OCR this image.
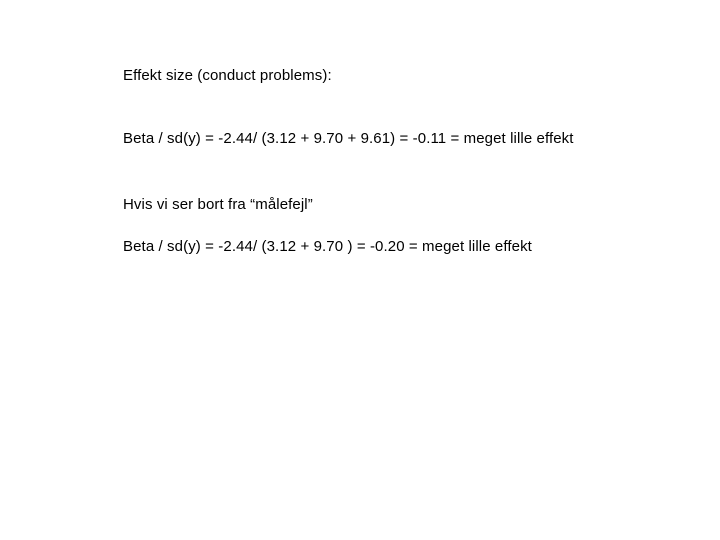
Effekt size (conduct problems):
Beta / sd(y) = -2.44/ (3.12 + 9.70 + 9.61) = -0.11 = meget lille effekt
Hvis vi ser bort fra “målefejl”
Beta / sd(y) = -2.44/ (3.12 + 9.70 ) = -0.20 = meget lille effekt
